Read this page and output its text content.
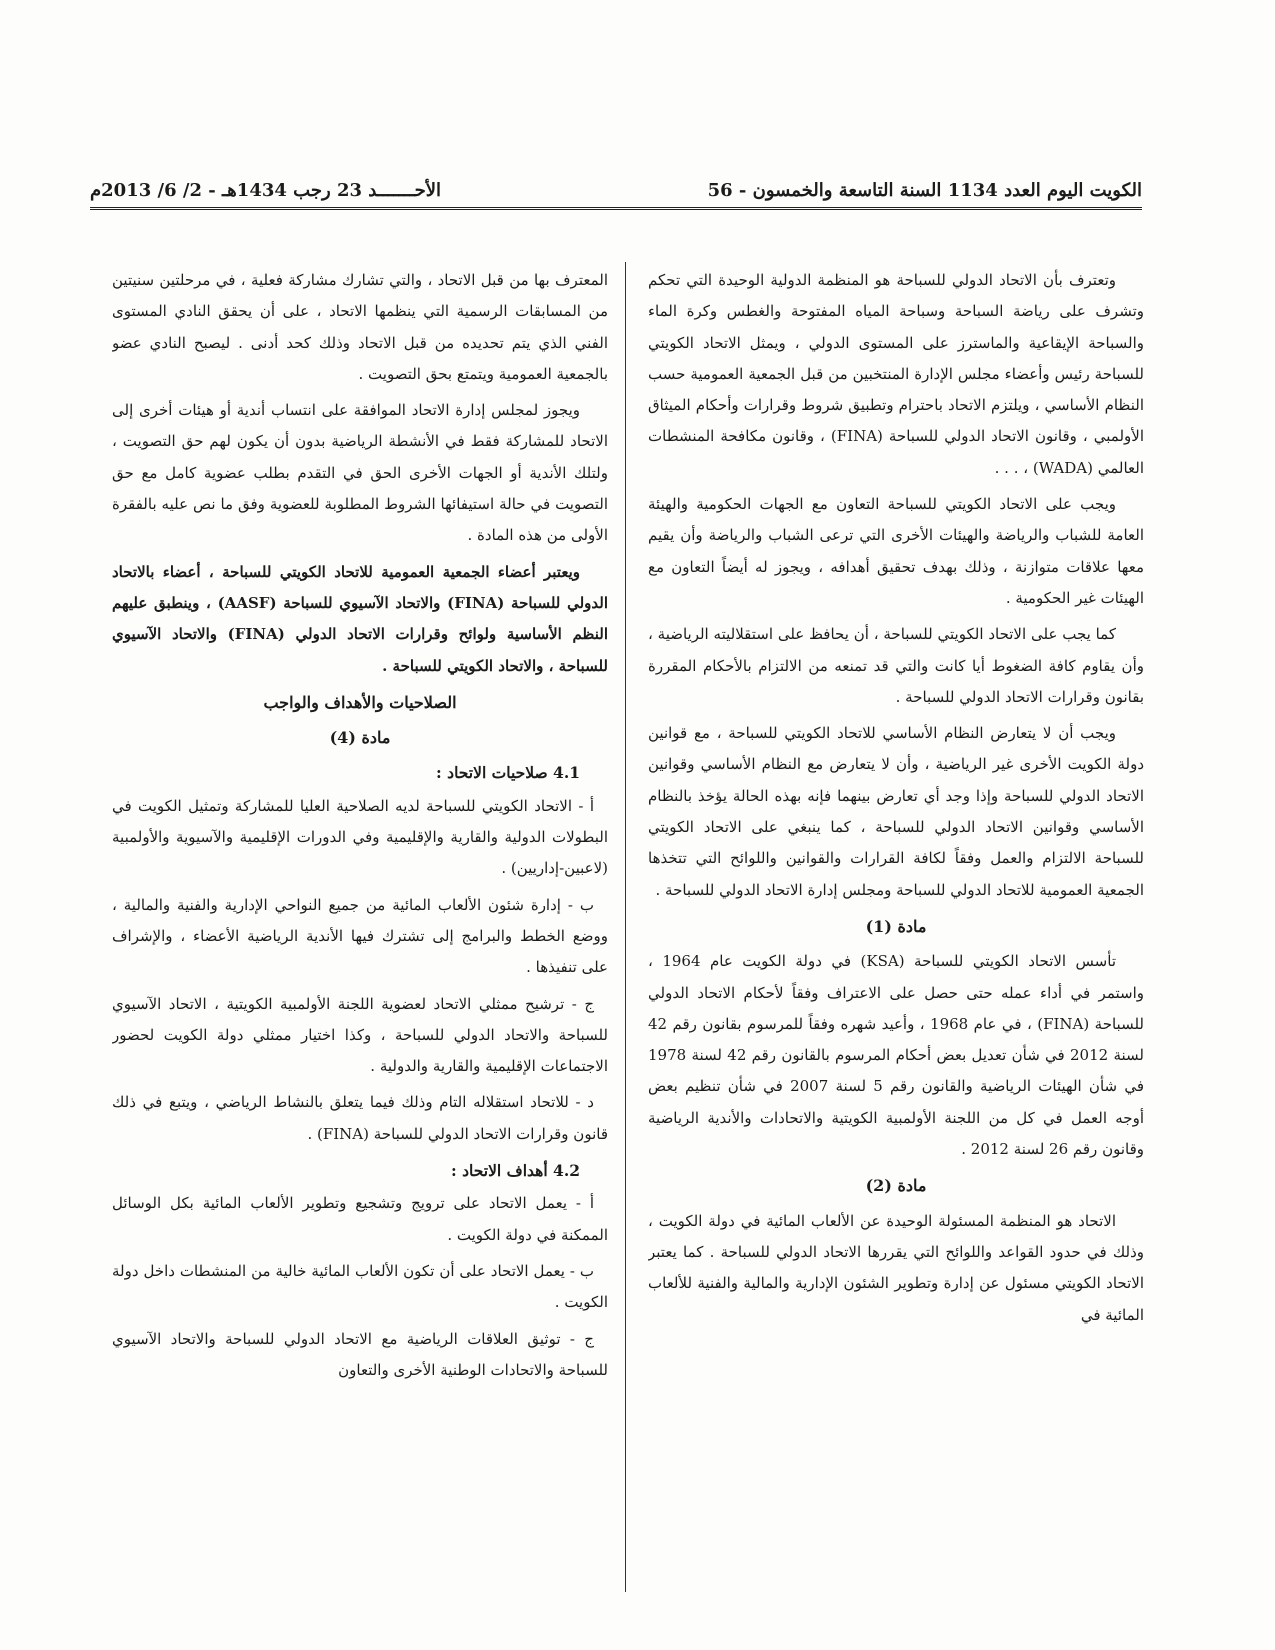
الكويت اليوم العدد 1134 السنة التاسعة والخمسون - 56
الأحـــــــد 23 رجب 1434هـ - 2/ 6/ 2013م

وتعترف بأن الاتحاد الدولي للسباحة هو المنظمة الدولية الوحيدة التي تحكم وتشرف على رياضة السباحة وسباحة المياه المفتوحة والغطس وكرة الماء والسباحة الإيقاعية والماسترز على المستوى الدولي ، ويمثل الاتحاد الكويتي للسباحة رئيس وأعضاء مجلس الإدارة المنتخبين من قبل الجمعية العمومية حسب النظام الأساسي ، ويلتزم الاتحاد باحترام وتطبيق شروط وقرارات وأحكام الميثاق الأولمبي ، وقانون الاتحاد الدولي للسباحة (FINA) ، وقانون مكافحة المنشطات العالمي (WADA) ، . . .

ويجب على الاتحاد الكويتي للسباحة التعاون مع الجهات الحكومية والهيئة العامة للشباب والرياضة والهيئات الأخرى التي ترعى الشباب والرياضة وأن يقيم معها علاقات متوازنة ، وذلك بهدف تحقيق أهدافه ، ويجوز له أيضاً التعاون مع الهيئات غير الحكومية .

كما يجب على الاتحاد الكويتي للسباحة ، أن يحافظ على استقلاليته الرياضية ، وأن يقاوم كافة الضغوط أيا كانت والتي قد تمنعه من الالتزام بالأحكام المقررة بقانون وقرارات الاتحاد الدولي للسباحة .

ويجب أن لا يتعارض النظام الأساسي للاتحاد الكويتي للسباحة ، مع قوانين دولة الكويت الأخرى غير الرياضية ، وأن لا يتعارض مع النظام الأساسي وقوانين الاتحاد الدولي للسباحة وإذا وجد أي تعارض بينهما فإنه بهذه الحالة يؤخذ بالنظام الأساسي وقوانين الاتحاد الدولي للسباحة ، كما ينبغي على الاتحاد الكويتي للسباحة الالتزام والعمل وفقاً لكافة القرارات والقوانين واللوائح التي تتخذها الجمعية العمومية للاتحاد الدولي للسباحة ومجلس إدارة الاتحاد الدولي للسباحة .

مادة (1)

تأسس الاتحاد الكويتي للسباحة (KSA) في دولة الكويت عام 1964 ، واستمر في أداء عمله حتى حصل على الاعتراف وفقاً لأحكام الاتحاد الدولي للسباحة (FINA) ، في عام 1968 ، وأعيد شهره وفقاً للمرسوم بقانون رقم 42 لسنة 2012 في شأن تعديل بعض أحكام المرسوم بالقانون رقم 42 لسنة 1978 في شأن الهيئات الرياضية والقانون رقم 5 لسنة 2007 في شأن تنظيم بعض أوجه العمل في كل من اللجنة الأولمبية الكويتية والاتحادات والأندية الرياضية وقانون رقم 26 لسنة 2012 .

مادة (2)

الاتحاد هو المنظمة المسئولة الوحيدة عن الألعاب المائية في دولة الكويت ، وذلك في حدود القواعد واللوائح التي يقررها الاتحاد الدولي للسباحة . كما يعتبر الاتحاد الكويتي مسئول عن إدارة وتطوير الشئون الإدارية والمالية والفنية للألعاب المائية في

المعترف بها من قبل الاتحاد ، والتي تشارك مشاركة فعلية ، في مرحلتين سنيتين من المسابقات الرسمية التي ينظمها الاتحاد ، على أن يحقق النادي المستوى الفني الذي يتم تحديده من قبل الاتحاد وذلك كحد أدنى . ليصبح النادي عضو بالجمعية العمومية ويتمتع بحق التصويت .

ويجوز لمجلس إدارة الاتحاد الموافقة على انتساب أندية أو هيئات أخرى إلى الاتحاد للمشاركة فقط في الأنشطة الرياضية بدون أن يكون لهم حق التصويت ، ولتلك الأندية أو الجهات الأخرى الحق في التقدم بطلب عضوية كامل مع حق التصويت في حالة استيفائها الشروط المطلوبة للعضوية وفق ما نص عليه بالفقرة الأولى من هذه المادة .

ويعتبر أعضاء الجمعية العمومية للاتحاد الكويتي للسباحة ، أعضاء بالاتحاد الدولي للسباحة (FINA) والاتحاد الآسيوي للسباحة (AASF) ، وينطبق عليهم النظم الأساسية ولوائح وقرارات الاتحاد الدولي (FINA) والاتحاد الآسيوي للسباحة ، والاتحاد الكويتي للسباحة .

الصلاحيات والأهداف والواجب

مادة (4)

4.1 صلاحيات الاتحاد :

أ - الاتحاد الكويتي للسباحة لديه الصلاحية العليا للمشاركة وتمثيل الكويت في البطولات الدولية والقارية والإقليمية وفي الدورات الإقليمية والآسيوية والأولمبية (لاعبين-إداريين) .

ب - إدارة شئون الألعاب المائية من جميع النواحي الإدارية والفنية والمالية ، ووضع الخطط والبرامج إلى تشترك فيها الأندية الرياضية الأعضاء ، والإشراف على تنفيذها .

ج - ترشيح ممثلي الاتحاد لعضوية اللجنة الأولمبية الكويتية ، الاتحاد الآسيوي للسباحة والاتحاد الدولي للسباحة ، وكذا اختيار ممثلي دولة الكويت لحضور الاجتماعات الإقليمية والقارية والدولية .

د - للاتحاد استقلاله التام وذلك فيما يتعلق بالنشاط الرياضي ، ويتبع في ذلك قانون وقرارات الاتحاد الدولي للسباحة (FINA) .

4.2 أهداف الاتحاد :

أ - يعمل الاتحاد على ترويج وتشجيع وتطوير الألعاب المائية بكل الوسائل الممكنة في دولة الكويت .

ب - يعمل الاتحاد على أن تكون الألعاب المائية خالية من المنشطات داخل دولة الكويت .

ج - توثيق العلاقات الرياضية مع الاتحاد الدولي للسباحة والاتحاد الآسيوي للسباحة والاتحادات الوطنية الأخرى والتعاون
